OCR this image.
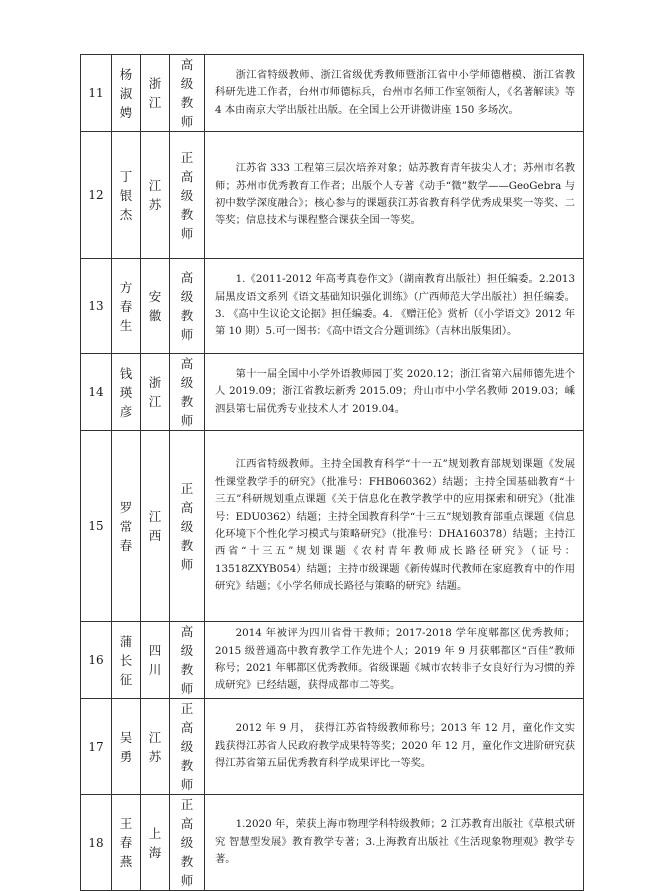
11	杨淑娉	浙江	高级教师	浙江省特级教师、浙江省级优秀教师暨浙江省中小学师德楷模、浙江省教科研先进工作者，台州市师德标兵，台州市名师工作室领衔人，《名著解读》等 4 本由南京大学出版社出版。在全国上公开讲微讲座 150 多场次。

12	丁银杰	江苏	正高级教师	江苏省 333 工程第三层次培养对象；姑苏教育青年拔尖人才；苏州市名教师；苏州市优秀教育工作者；出版个人专著《动手“微”数学——GeoGebra 与初中数学深度融合》；核心参与的课题获江苏省教育科学优秀成果奖一等奖、二等奖；信息技术与课程整合课获全国一等奖。

13	方春生	安徽	高级教师	1.《2011-2012 年高考真卷作文》（湖南教育出版社）担任编委。2.2013 届黑皮语文系列《语文基础知识强化训练》（广西师范大学出版社）担任编委。3. 《高中生议论文论据》担任编委。4. 《赠汪伦》赏析（《小学语文》2012 年第 10 期）5.可一图书：《高中语文合分题训练》（吉林出版集团）。

14	钱瑛彦	浙江	高级教师	第十一届全国中小学外语教师园丁奖 2020.12；浙江省第六届师德先进个人 2019.09；浙江省教坛新秀 2015.09；舟山市中小学名教师 2019.03；嵊泗县第七届优秀专业技术人才 2019.04。

15	罗常春	江西	正高级教师	江西省特级教师。主持全国教育科学“十一五”规划教育部规划课题《发展性课堂教学手的研究》（批准号：FHB060362）结题；主持全国基础教育“十三五”科研规划重点课题《关于信息化在教学教学中的应用探索和研究》（批准号：EDU0362）结题；主持全国教育科学“十三五”规划教育部重点课题《信息化环境下个性化学习模式与策略研究》（批准号：DHA160378）结题；主持江西省“十三五”规划课题《农村青年教师成长路径研究》（证号：13518ZXYB054）结题；主持市级课题《新传媒时代教师在家庭教育中的作用研究》结题；《小学名师成长路径与策略的研究》结题。

16	蒲长征	四川	高级教师	2014 年被评为四川省骨干教师；2017-2018 学年度郫都区优秀教师；2015 级普通高中教育教学工作先进个人；2019 年 9 月获郫都区“百佳”教师称号；2021 年郫都区优秀教师。省级课题《城市农转非子女良好行为习惯的养成研究》已经结题，获得成都市二等奖。

17	吴勇	江苏	正高级教师	2012 年 9 月， 获得江苏省特级教师称号；2013 年 12 月，童化作文实践获得江苏省人民政府教学成果特等奖；2020 年 12 月，童化作文进阶研究获得江苏省第五届优秀教育科学成果评比一等奖。

18	王春燕	上海	正高级教师	1.2020 年，荣获上海市物理学科特级教师；2 江苏教育出版社《草根式研究 智慧型发展》教育教学专著；3.上海教育出版社《生活现象物理观》教学专著。
